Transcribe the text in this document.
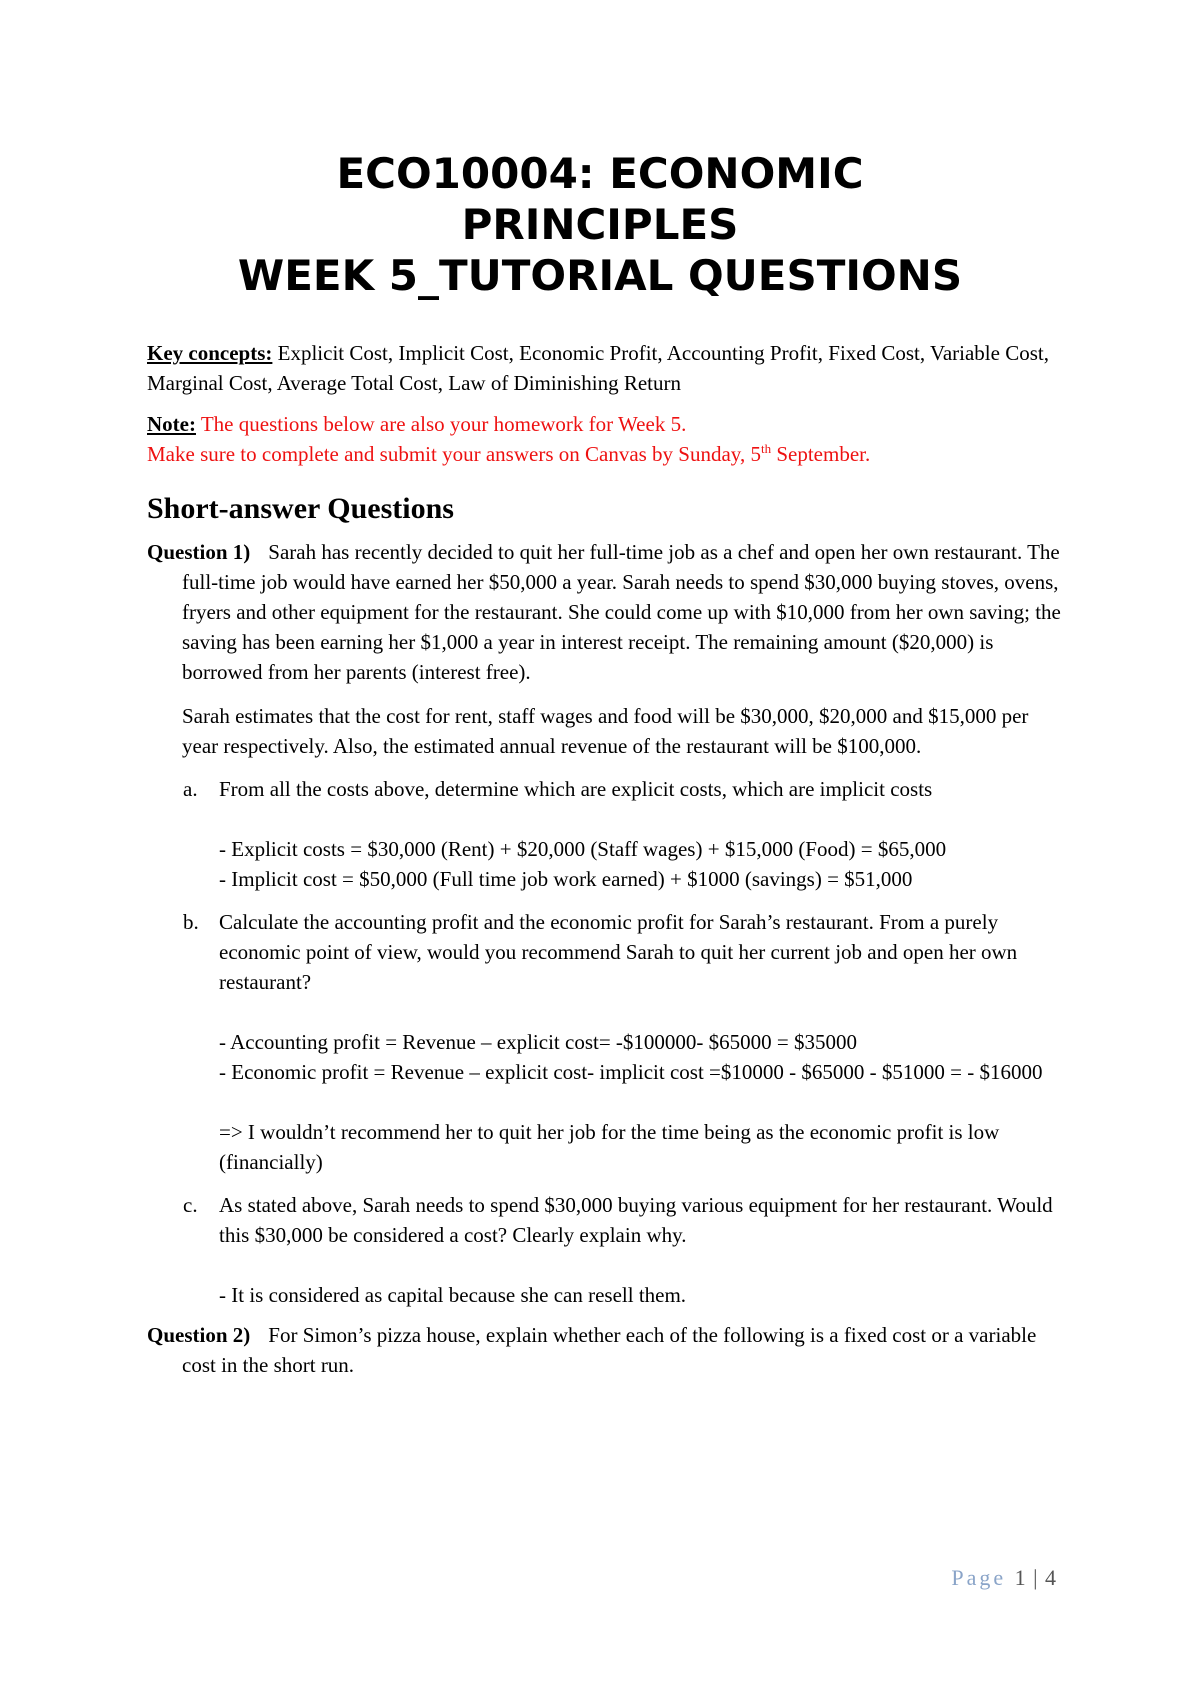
ECO10004: ECONOMIC
PRINCIPLES
WEEK 5_TUTORIAL QUESTIONS

Key concepts: Explicit Cost, Implicit Cost, Economic Profit, Accounting Profit, Fixed Cost, Variable Cost, Marginal Cost, Average Total Cost, Law of Diminishing Return

Note: The questions below are also your homework for Week 5.
Make sure to complete and submit your answers on Canvas by Sunday, 5th September.

Short-answer Questions

Question 1) Sarah has recently decided to quit her full-time job as a chef and open her own restaurant. The full-time job would have earned her $50,000 a year. Sarah needs to spend $30,000 buying stoves, ovens, fryers and other equipment for the restaurant. She could come up with $10,000 from her own saving; the saving has been earning her $1,000 a year in interest receipt. The remaining amount ($20,000) is borrowed from her parents (interest free).

Sarah estimates that the cost for rent, staff wages and food will be $30,000, $20,000 and $15,000 per year respectively. Also, the estimated annual revenue of the restaurant will be $100,000.

a. From all the costs above, determine which are explicit costs, which are implicit costs

- Explicit costs = $30,000 (Rent) + $20,000 (Staff wages) + $15,000 (Food) = $65,000

- Implicit cost = $50,000 (Full time job work earned) + $1000 (savings) = $51,000

b. Calculate the accounting profit and the economic profit for Sarah’s restaurant. From a purely economic point of view, would you recommend Sarah to quit her current job and open her own restaurant?

- Accounting profit = Revenue – explicit cost= -$100000- $65000 = $35000

- Economic profit = Revenue – explicit cost- implicit cost =$10000 - $65000 - $51000 = - $16000

=> I wouldn’t recommend her to quit her job for the time being as the economic profit is low (financially)

c. As stated above, Sarah needs to spend $30,000 buying various equipment for her restaurant. Would this $30,000 be considered a cost? Clearly explain why.

- It is considered as capital because she can resell them.

Question 2) For Simon’s pizza house, explain whether each of the following is a fixed cost or a variable cost in the short run.

Page 1 | 4
